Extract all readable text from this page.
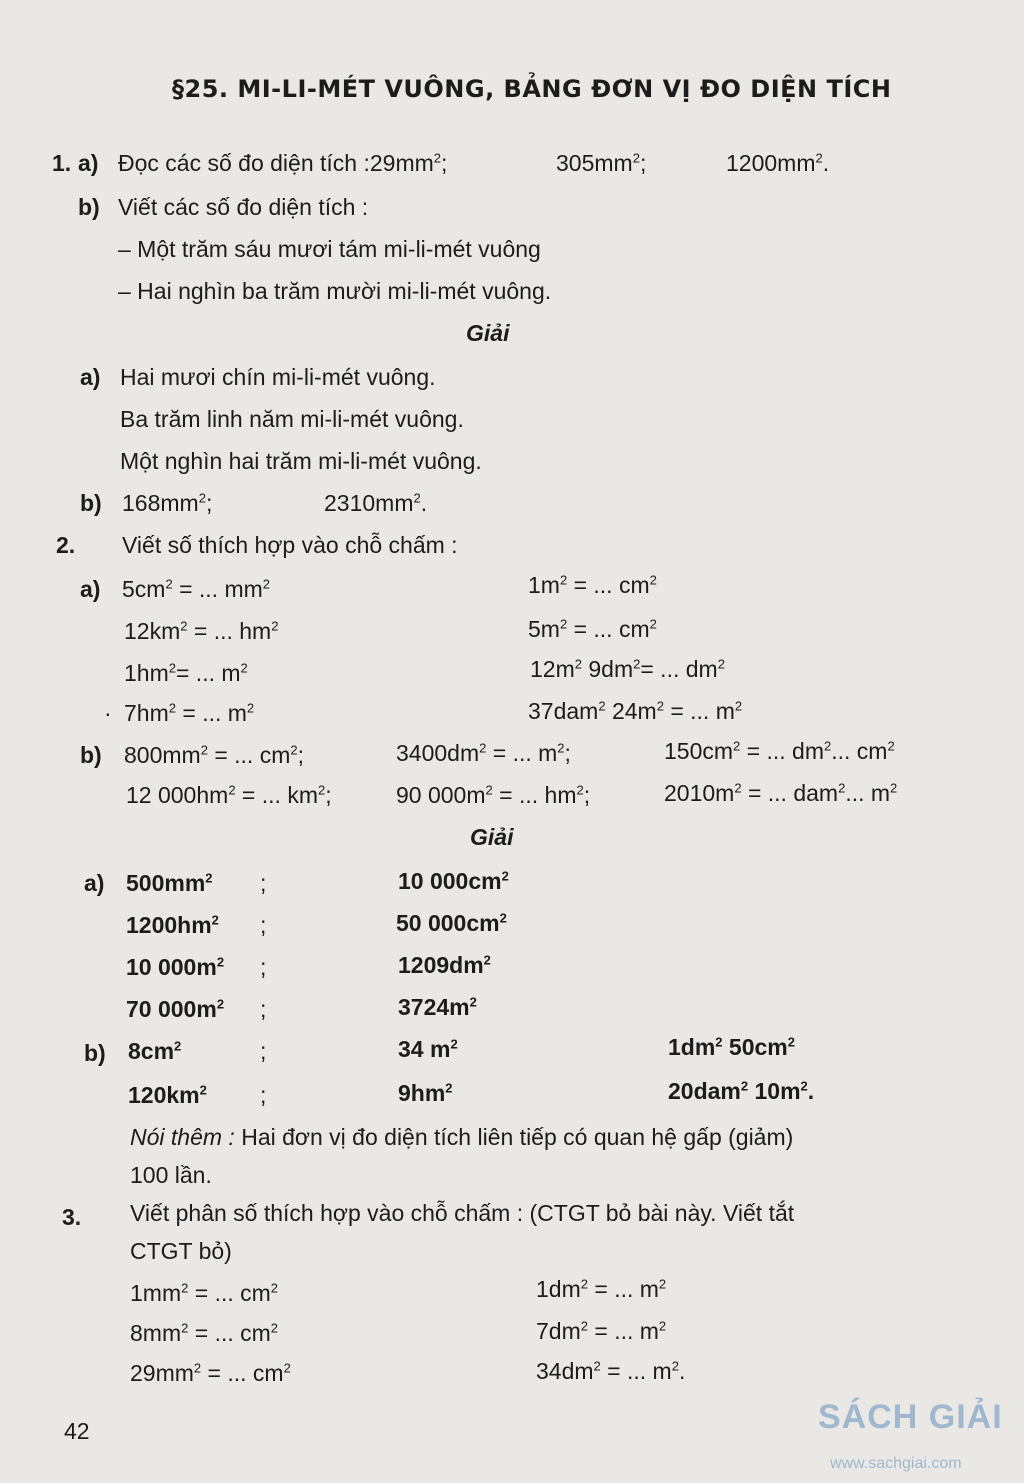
§25. MI-LI-MÉT VUÔNG, BẢNG ĐƠN VỊ ĐO DIỆN TÍCH
1. a) Đọc các số đo diện tích $:29mm^2$;	$305mm^2$;	$1200mm^2$.
b) Viết các số đo diện tích :
– Một trăm sáu mươi tám mi-li-mét vuông
– Hai nghìn ba trăm mười mi-li-mét vuông.
Giải
a) Hai mươi chín mi-li-mét vuông.
Ba trăm linh năm mi-li-mét vuông.
Một nghìn hai trăm mi-li-mét vuông.
b) $168mm^2$;	$2310mm^2$.
2. Viết số thích hợp vào chỗ chấm :
a) $5cm^2$ = ... $mm^2$	$1m^2$ = ... $cm^2$
$12km^2$ = ... $hm^2$	$5m^2$ = ... $cm^2$
$1hm^2=$ ... $m^2$	$12m^2$ $9dm^2=$ ... $dm^2$
· $7hm^2$ = ... $m^2$	37dam$^2$ $24m^2$ = ... $m^2$
b) $800mm^2$ = ... $cm^2$;	$3400dm^2$ = ... $m^2$;	$150cm^2$ = ... $dm^2$... $cm^2$
12 $000hm^2$ = ... $km^2$;	90 $000m^2$ = ... $hm^2$;	$2010m^2$ = ... dam$^2$... $m^2$
Giải
a) $500mm^2$ ;	10 $000cm^2$
$1200hm^2$ ;	50 $000cm^2$
10 $000m^2$ ;	$1209dm^2$
70 $000m^2$ ;	$3724m^2$
b) $8cm^2$	;	34 $m^2$	$1dm^2$ $50cm^2$
$120km^2$ ;	$9hm^2$	20dam$^2$ $10m^2$.
Nói thêm : Hai đơn vị đo diện tích liên tiếp có quan hệ gấp (giảm)
100 lần.
3. Viết phân số thích hợp vào chỗ chấm : (CTGT bỏ bài này. Viết tắt
CTGT bỏ)
$1mm^2$ = ... $cm^2$	$1dm^2$ = ... $m^2$
$8mm^2$ = ... $cm^2$	$7dm^2$ = ... $m^2$
$29mm^2$ = ... $cm^2$	$34dm^2$ = ... $m^2$.
42	SÁCH GIẢI
www.sachgiai.com
